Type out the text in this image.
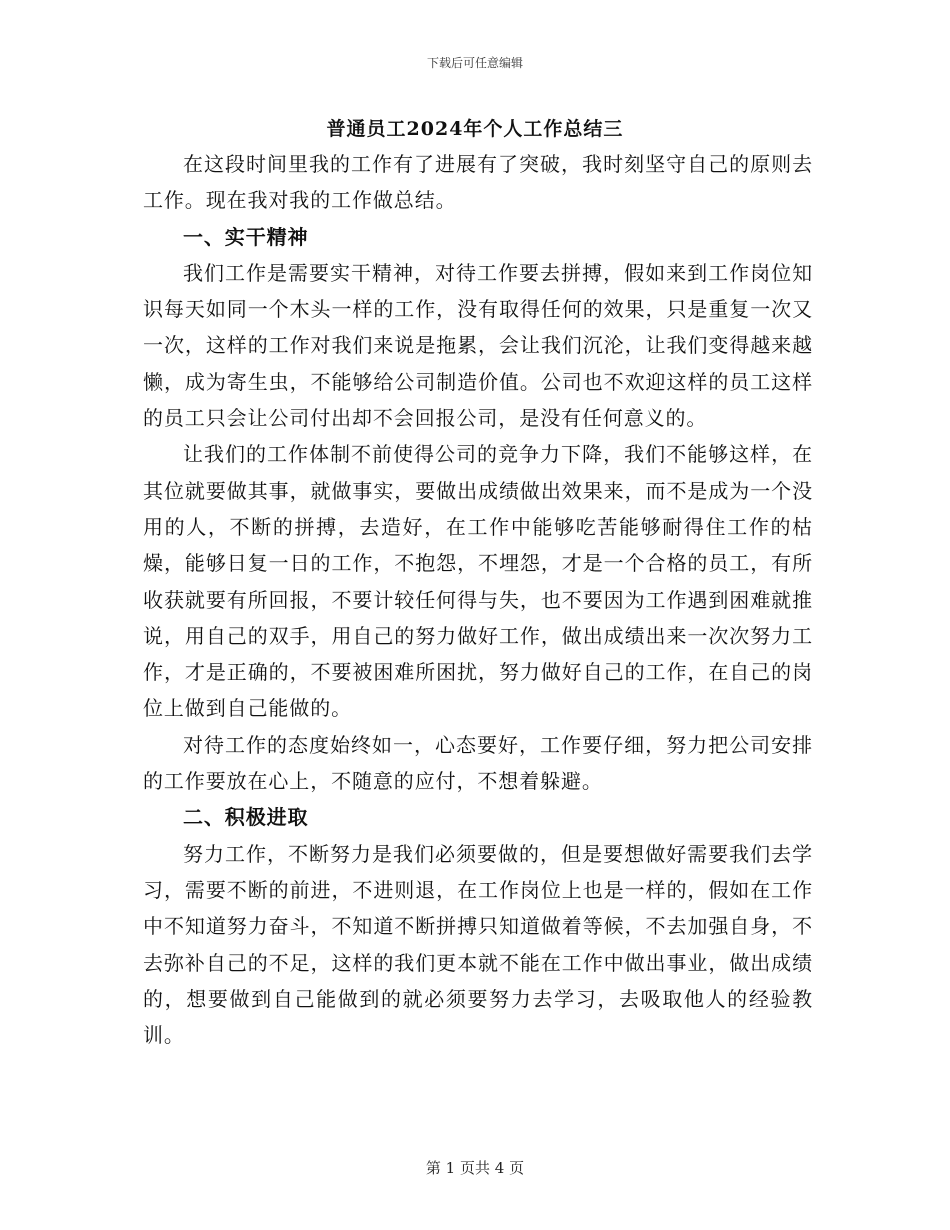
下载后可任意编辑
普通员工2024年个人工作总结三

在这段时间里我的工作有了进展有了突破，我时刻坚守自己的原则去工作。现在我对我的工作做总结。

一、实干精神

我们工作是需要实干精神，对待工作要去拼搏，假如来到工作岗位知识每天如同一个木头一样的工作，没有取得任何的效果，只是重复一次又一次，这样的工作对我们来说是拖累，会让我们沉沦，让我们变得越来越懒，成为寄生虫，不能够给公司制造价值。公司也不欢迎这样的员工这样的员工只会让公司付出却不会回报公司，是没有任何意义的。

让我们的工作体制不前使得公司的竞争力下降，我们不能够这样，在其位就要做其事，就做事实，要做出成绩做出效果来，而不是成为一个没用的人，不断的拼搏，去造好，在工作中能够吃苦能够耐得住工作的枯燥，能够日复一日的工作，不抱怨，不埋怨，才是一个合格的员工，有所收获就要有所回报，不要计较任何得与失，也不要因为工作遇到困难就推说，用自己的双手，用自己的努力做好工作，做出成绩出来一次次努力工作，才是正确的，不要被困难所困扰，努力做好自己的工作，在自己的岗位上做到自己能做的。

对待工作的态度始终如一，心态要好，工作要仔细，努力把公司安排的工作要放在心上，不随意的应付，不想着躲避。

二、积极进取

努力工作，不断努力是我们必须要做的，但是要想做好需要我们去学习，需要不断的前进，不进则退，在工作岗位上也是一样的，假如在工作中不知道努力奋斗，不知道不断拼搏只知道做着等候，不去加强自身，不去弥补自己的不足，这样的我们更本就不能在工作中做出事业，做出成绩的，想要做到自己能做到的就必须要努力去学习，去吸取他人的经验教训。

第 1 页共 4 页
